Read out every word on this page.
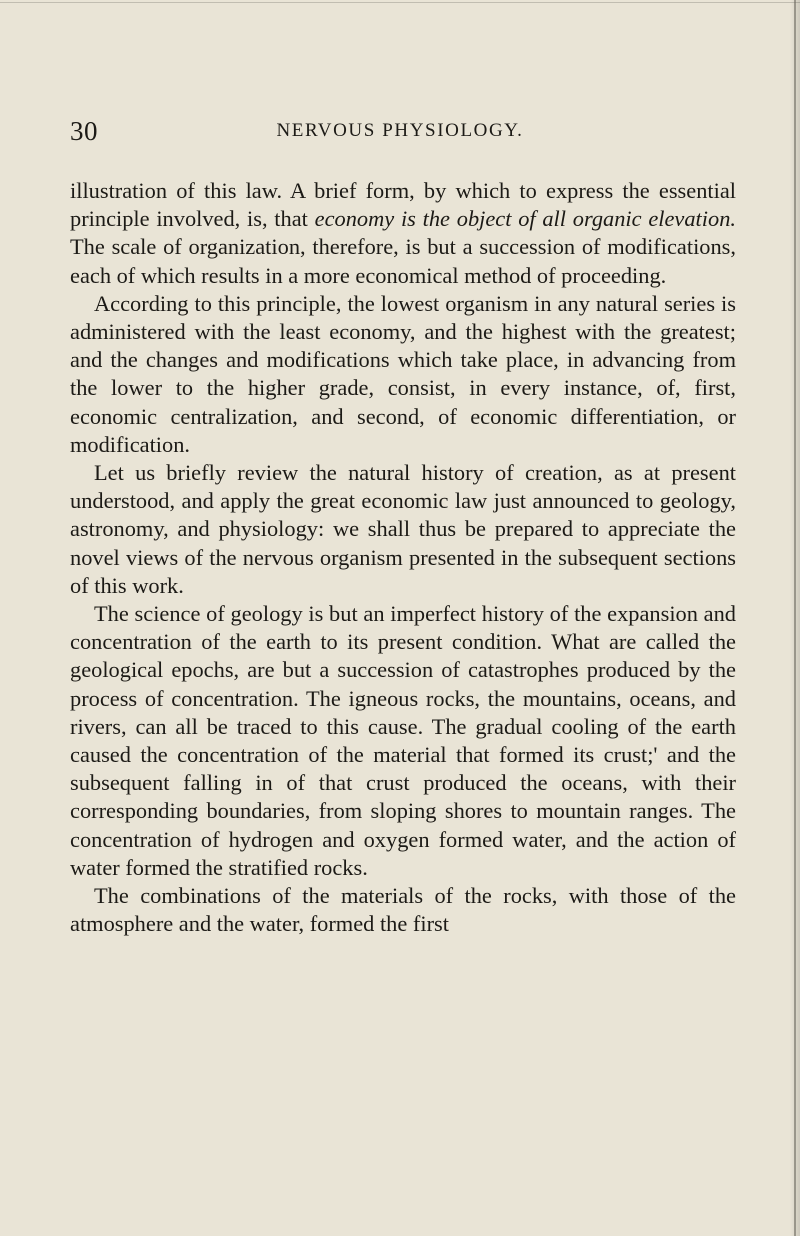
30	NERVOUS PHYSIOLOGY.

illustration of this law. A brief form, by which to express the essential principle involved, is, that economy is the object of all organic elevation. The scale of organization, therefore, is but a succession of modifications, each of which results in a more economical method of proceeding.

According to this principle, the lowest organism in any natural series is administered with the least economy, and the highest with the greatest; and the changes and modifications which take place, in advancing from the lower to the higher grade, consist, in every instance, of, first, economic centralization, and second, of economic differentiation, or modification.

Let us briefly review the natural history of creation, as at present understood, and apply the great economic law just announced to geology, astronomy, and physiology: we shall thus be prepared to appreciate the novel views of the nervous organism presented in the subsequent sections of this work.

The science of geology is but an imperfect history of the expansion and concentration of the earth to its present condition. What are called the geological epochs, are but a succession of catastrophes produced by the process of concentration. The igneous rocks, the mountains, oceans, and rivers, can all be traced to this cause. The gradual cooling of the earth caused the concentration of the material that formed its crust;' and the subsequent falling in of that crust produced the oceans, with their corresponding boundaries, from sloping shores to mountain ranges. The concentration of hydrogen and oxygen formed water, and the action of water formed the stratified rocks.

The combinations of the materials of the rocks, with those of the atmosphere and the water, formed the first
